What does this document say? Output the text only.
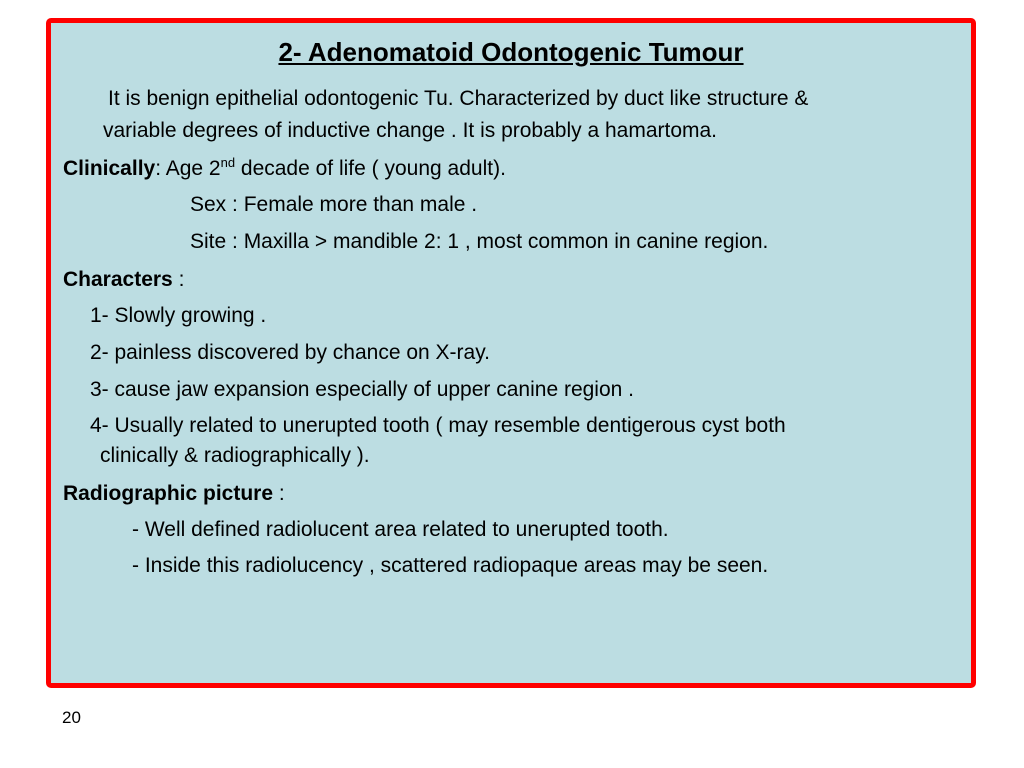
2- Adenomatoid Odontogenic Tumour
It is benign epithelial odontogenic Tu. Characterized by duct like structure &
variable degrees of inductive change . It is probably a hamartoma.
Clinically: Age 2nd decade of life ( young adult).
Sex : Female more than male .
Site : Maxilla > mandible 2: 1 , most common in canine region.
Characters :
1- Slowly growing .
2- painless discovered by chance on X-ray.
3- cause jaw expansion especially of upper canine region .
4- Usually related to unerupted tooth ( may resemble dentigerous cyst both
clinically & radiographically ).
Radiographic picture :
- Well defined radiolucent area related to unerupted tooth.
- Inside this radiolucency , scattered radiopaque areas may be seen.
20
